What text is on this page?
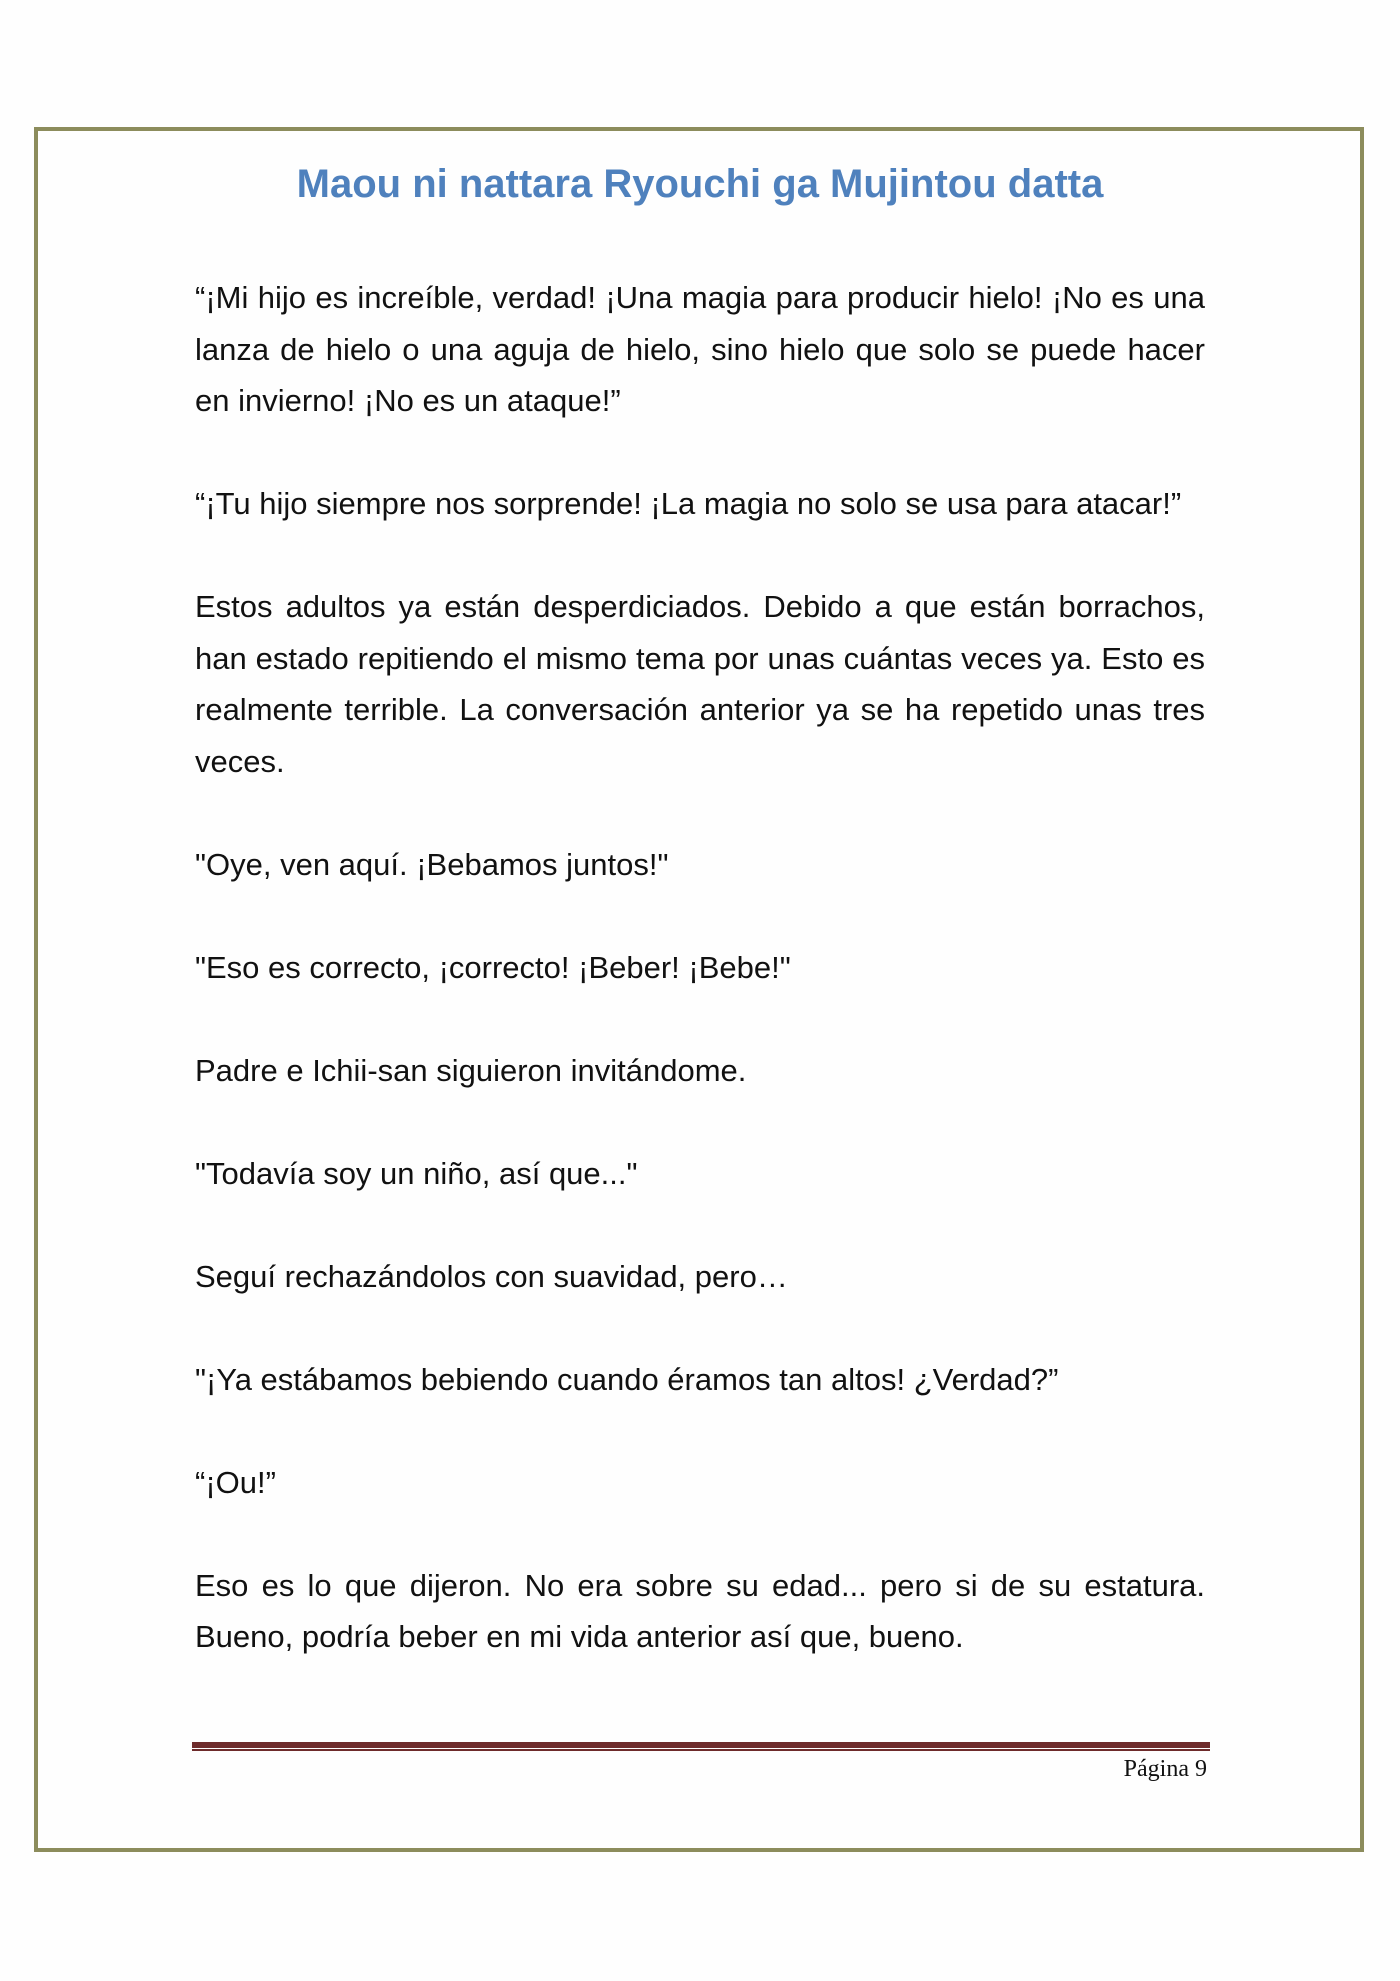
Maou ni nattara Ryouchi ga Mujintou datta

“¡Mi hijo es increíble, verdad! ¡Una magia para producir hielo! ¡No es una lanza de hielo o una aguja de hielo, sino hielo que solo se puede hacer en invierno! ¡No es un ataque!”

“¡Tu hijo siempre nos sorprende! ¡La magia no solo se usa para atacar!”

Estos adultos ya están desperdiciados. Debido a que están borrachos, han estado repitiendo el mismo tema por unas cuántas veces ya. Esto es realmente terrible. La conversación anterior ya se ha repetido unas tres veces.

"Oye, ven aquí. ¡Bebamos juntos!"

"Eso es correcto, ¡correcto! ¡Beber! ¡Bebe!"

Padre e Ichii-san siguieron invitándome.

"Todavía soy un niño, así que..."

Seguí rechazándolos con suavidad, pero…

"¡Ya estábamos bebiendo cuando éramos tan altos! ¿Verdad?”

“¡Ou!”

Eso es lo que dijeron. No era sobre su edad... pero si de su estatura. Bueno, podría beber en mi vida anterior así que, bueno.

Página 9
